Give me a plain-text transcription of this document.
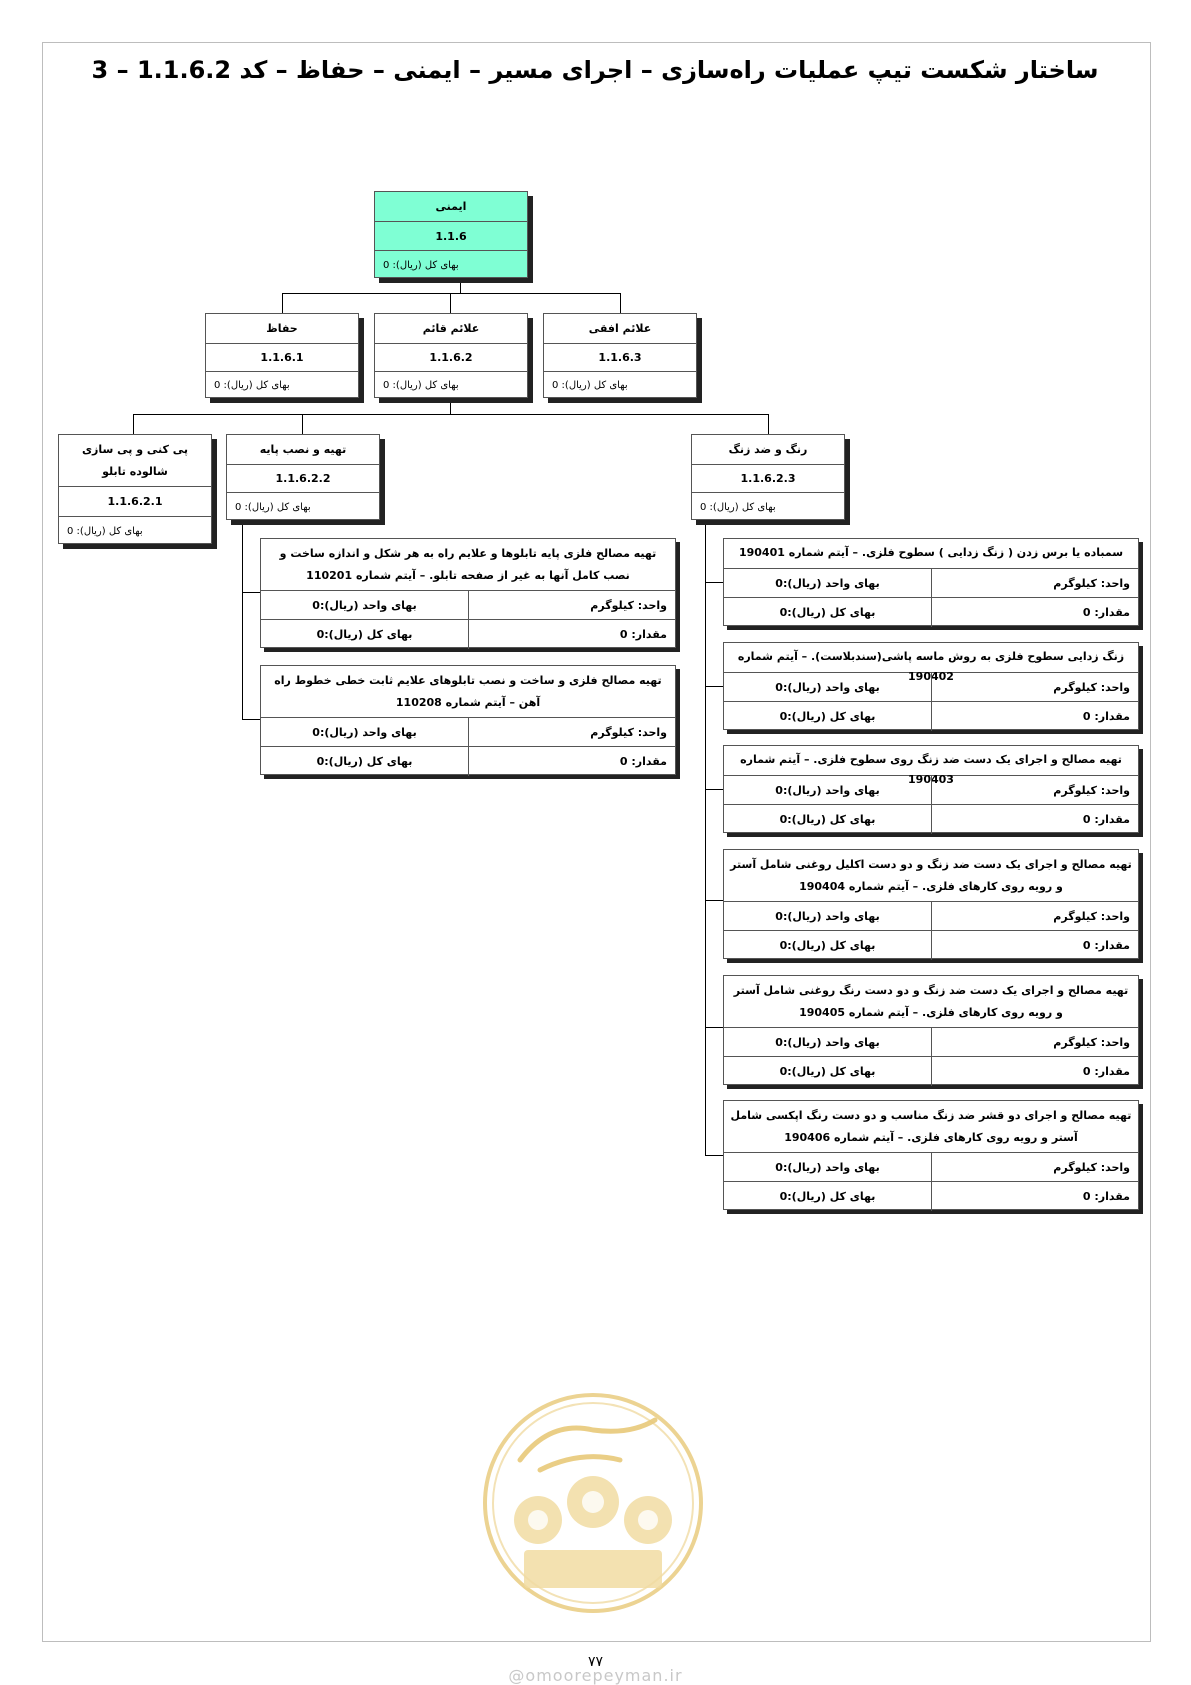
ساختار شکست تیپ عملیات راه‌سازی – اجرای مسیر – ایمنی – حفاظ – کد 1.1.6.2 – 3
ایمنی
1.1.6
بهای کل (ریال): 0
حفاظ
1.1.6.1
بهای کل (ریال): 0
علائم قائم
1.1.6.2
بهای کل (ریال): 0
علائم افقی
1.1.6.3
بهای کل (ریال): 0
پی کنی و پی سازی شالوده تابلو
1.1.6.2.1
بهای کل (ریال): 0
تهیه و نصب پایه
1.1.6.2.2
بهای کل (ریال): 0
رنگ و ضد زنگ
1.1.6.2.3
بهای کل (ریال): 0
تهیه مصالح فلزی پایه تابلوها و علایم راه به هر شکل و اندازه ساخت و نصب کامل آنها به غیر از صفحه تابلو. – آیتم شماره 110201
واحد: کیلوگرم
بهای واحد (ریال):0
مقدار: 0
بهای کل (ریال):0
تهیه مصالح فلزی و ساخت و نصب تابلوهای علایم ثابت خطی خطوط راه آهن – آیتم شماره 110208
واحد: کیلوگرم
بهای واحد (ریال):0
مقدار: 0
بهای کل (ریال):0
سمباده یا برس زدن ( زنگ زدایی ) سطوح فلزی. – آیتم شماره 190401
واحد: کیلوگرم
بهای واحد (ریال):0
مقدار: 0
بهای کل (ریال):0
زنگ زدایی سطوح فلزی به روش ماسه پاشی(سندبلاست). – آیتم شماره 190402
واحد: کیلوگرم
بهای واحد (ریال):0
مقدار: 0
بهای کل (ریال):0
تهیه مصالح و اجرای یک دست ضد زنگ روی سطوح فلزی. – آیتم شماره 190403
واحد: کیلوگرم
بهای واحد (ریال):0
مقدار: 0
بهای کل (ریال):0
تهیه مصالح و اجرای یک دست ضد زنگ و دو دست اکلیل روغنی شامل آستر و رویه روی کارهای فلزی. – آیتم شماره 190404
واحد: کیلوگرم
بهای واحد (ریال):0
مقدار: 0
بهای کل (ریال):0
تهیه مصالح و اجرای یک دست ضد زنگ و دو دست رنگ روغنی شامل آستر و رویه روی کارهای فلزی. – آیتم شماره 190405
واحد: کیلوگرم
بهای واحد (ریال):0
مقدار: 0
بهای کل (ریال):0
تهیه مصالح و اجرای دو قشر ضد زنگ مناسب و دو دست رنگ اپکسی شامل آستر و رویه روی کارهای فلزی. – آیتم شماره 190406
واحد: کیلوگرم
بهای واحد (ریال):0
مقدار: 0
بهای کل (ریال):0
۷۷
@omoorepeyman.ir
